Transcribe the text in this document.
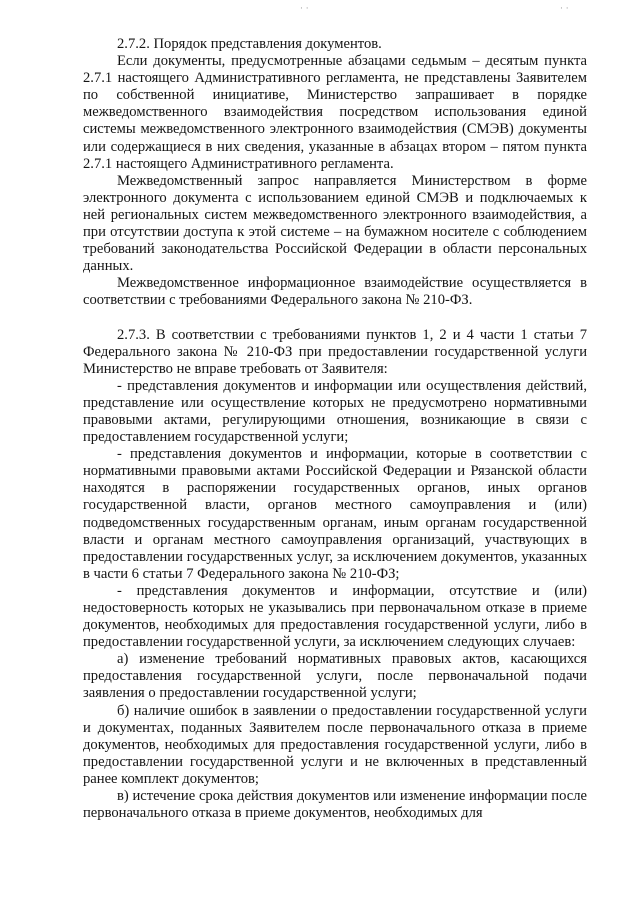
· ·	· ·

2.7.2. Порядок представления документов.

Если документы, предусмотренные абзацами седьмым – десятым пункта 2.7.1 настоящего Административного регламента, не представлены Заявителем по собственной инициативе, Министерство запрашивает в порядке межведомственного взаимодействия посредством использования единой системы межведомственного электронного взаимодействия (СМЭВ) документы или содержащиеся в них сведения, указанные в абзацах втором – пятом пункта 2.7.1 настоящего Административного регламента.

Межведомственный запрос направляется Министерством в форме электронного документа с использованием единой СМЭВ и подключаемых к ней региональных систем межведомственного электронного взаимодействия, а при отсутствии доступа к этой системе – на бумажном носителе с соблюдением требований законодательства Российской Федерации в области персональных данных.

Межведомственное информационное взаимодействие осуществляется в соответствии с требованиями Федерального закона № 210-ФЗ.

2.7.3. В соответствии с требованиями пунктов 1, 2 и 4 части 1 статьи 7 Федерального закона № 210-ФЗ при предоставлении государственной услуги Министерство не вправе требовать от Заявителя:

- представления документов и информации или осуществления действий, представление или осуществление которых не предусмотрено нормативными правовыми актами, регулирующими отношения, возникающие в связи с предоставлением государственной услуги;

- представления документов и информации, которые в соответствии с нормативными правовыми актами Российской Федерации и Рязанской области находятся в распоряжении государственных органов, иных органов государственной власти, органов местного самоуправления и (или) подведомственных государственным органам, иным органам государственной власти и органам местного самоуправления организаций, участвующих в предоставлении государственных услуг, за исключением документов, указанных в части 6 статьи 7 Федерального закона № 210-ФЗ;

- представления документов и информации, отсутствие и (или) недостоверность которых не указывались при первоначальном отказе в приеме документов, необходимых для предоставления государственной услуги, либо в предоставлении государственной услуги, за исключением следующих случаев:

а) изменение требований нормативных правовых актов, касающихся предоставления государственной услуги, после первоначальной подачи заявления о предоставлении государственной услуги;

б) наличие ошибок в заявлении о предоставлении государственной услуги и документах, поданных Заявителем после первоначального отказа в приеме документов, необходимых для предоставления государственной услуги, либо в предоставлении государственной услуги и не включенных в представленный ранее комплект документов;

в) истечение срока действия документов или изменение информации после первоначального отказа в приеме документов, необходимых для
